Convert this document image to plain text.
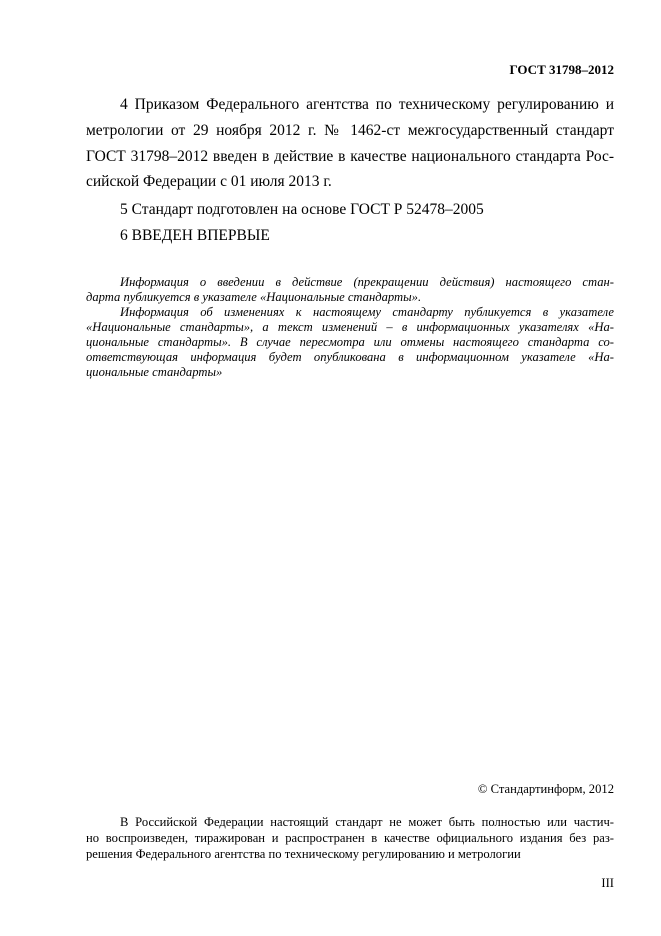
ГОСТ 31798–2012
4 Приказом Федерального агентства по техническому регулированию и
метрологии от 29 ноября 2012 г. № 1462-ст межгосударственный стандарт
ГОСТ 31798–2012 введен в действие в качестве национального стандарта Рос-
сийской Федерации с 01 июля 2013 г.
5 Стандарт подготовлен на основе ГОСТ Р 52478–2005
6 ВВЕДЕН ВПЕРВЫЕ
Информация о введении в действие (прекращении действия) настоящего стан-
дарта публикуется в указателе «Национальные стандарты».
Информация об изменениях к настоящему стандарту публикуется в указателе
«Национальные стандарты», а текст изменений – в информационных указателях «На-
циональные стандарты». В случае пересмотра или отмены настоящего стандарта со-
ответствующая информация будет опубликована в информационном указателе «На-
циональные стандарты»
© Стандартинформ, 2012
В Российской Федерации настоящий стандарт не может быть полностью или частич-
но воспроизведен, тиражирован и распространен в качестве официального издания без раз-
решения Федерального агентства по техническому регулированию и метрологии
III
